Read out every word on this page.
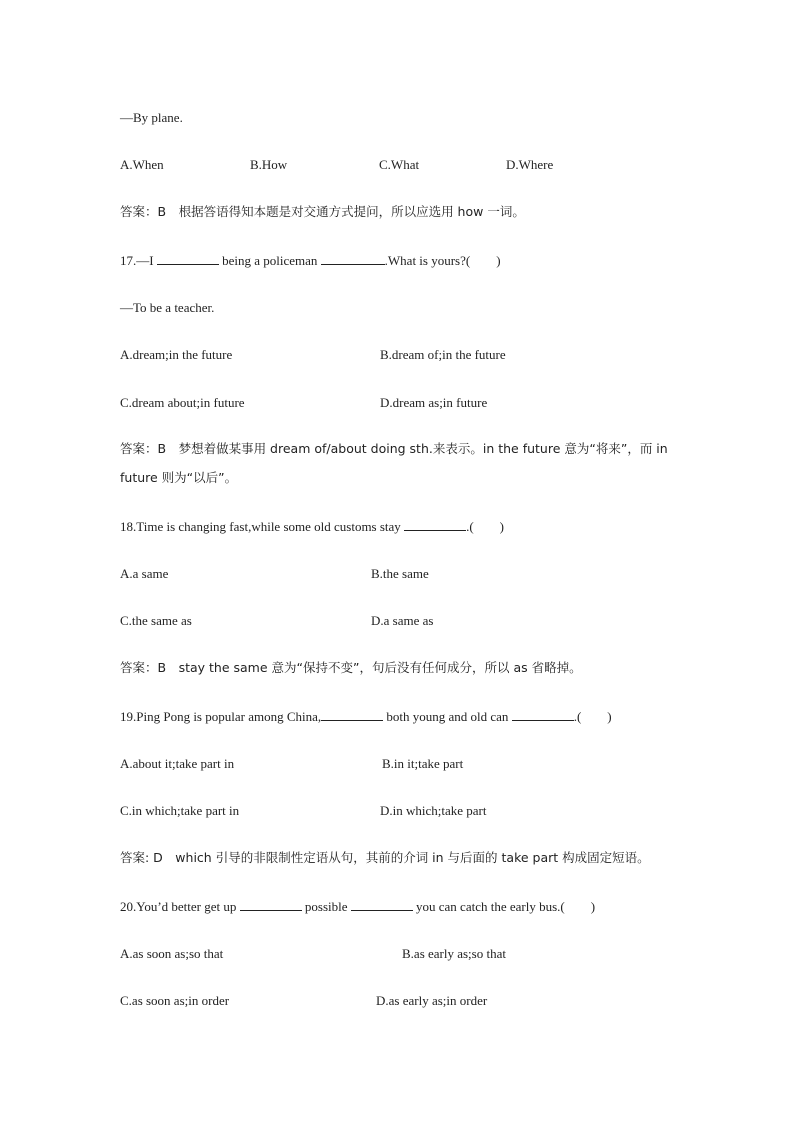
—By plane.
A.When	B.How	C.What	D.Where
答案：B　根据答语得知本题是对交通方式提问，所以应选用 how 一词。
17.—I	being a policeman	.What is yours?(　　)
—To be a teacher.
A.dream;in the future	B.dream of;in the future
C.dream about;in future	D.dream as;in future
答案：B　梦想着做某事用 dream of/about doing sth.来表示。in the future 意为“将来”，而 in
future 则为“以后”。
18.Time is changing fast,while some old customs stay	.(　　)
A.a same	B.the same
C.the same as	D.a same as
答案：B　stay the same 意为“保持不变”，句后没有任何成分，所以 as 省略掉。
19.Ping Pong is popular among China,	both young and old can	.(　　)
A.about it;take part in	B.in it;take part
C.in which;take part in	D.in which;take part
答案: D　which 引导的非限制性定语从句，其前的介词 in 与后面的 take part 构成固定短语。
20.You’d better get up	possible	you can catch the early bus.(　　)
A.as soon as;so that	B.as early as;so that
C.as soon as;in order	D.as early as;in order
